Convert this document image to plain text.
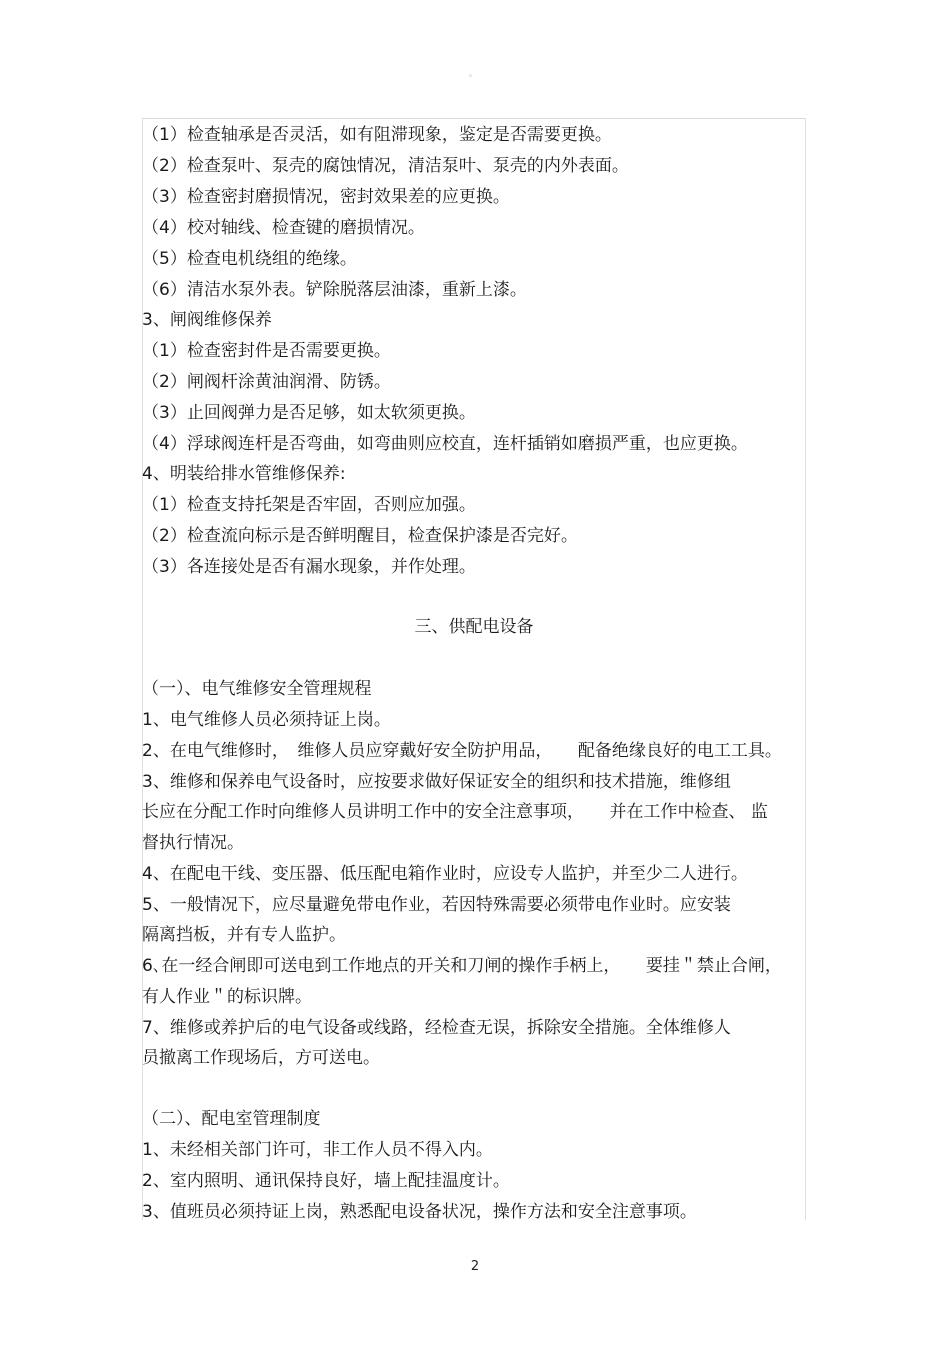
。
（1）检查轴承是否灵活，如有阻滞现象，鉴定是否需要更换。
（2）检查泵叶、泵壳的腐蚀情况，清洁泵叶、泵壳的内外表面。
（3）检查密封磨损情况，密封效果差的应更换。
（4）校对轴线、检查键的磨损情况。
（5）检查电机绕组的绝缘。
（6）清洁水泵外表。铲除脱落层油漆，重新上漆。
3、闸阀维修保养
（1）检查密封件是否需要更换。
（2）闸阀杆涂黄油润滑、防锈。
（3）止回阀弹力是否足够，如太软须更换。
（4）浮球阀连杆是否弯曲，如弯曲则应校直，连杆插销如磨损严重，也应更换。
4、明装给排水管维修保养:
（1）检查支持托架是否牢固，否则应加强。
（2）检查流向标示是否鲜明醒目，检查保护漆是否完好。
（3）各连接处是否有漏水现象，并作处理。
三、供配电设备
（一）、电气维修安全管理规程
1、电气维修人员必须持证上岗。
2、在电气维修时，　维修人员应穿戴好安全防护用品，　　配备绝缘良好的电工工具。
3、维修和保养电气设备时，应按要求做好保证安全的组织和技术措施，维修组
长应在分配工作时向维修人员讲明工作中的安全注意事项，　　并在工作中检查、 监
督执行情况。
4、在配电干线、变压器、低压配电箱作业时，应设专人监护，并至少二人进行。
5、一般情况下，应尽量避免带电作业，若因特殊需要必须带电作业时。应安装
隔离挡板，并有专人监护。
6､在一经合闸即可送电到工作地点的开关和刀闸的操作手柄上，　　要挂＂禁止合闸，
有人作业＂的标识牌。
7、维修或养护后的电气设备或线路，经检查无误，拆除安全措施。全体维修人
员撤离工作现场后，方可送电。
（二）、配电室管理制度
1、未经相关部门许可，非工作人员不得入内。
2、室内照明、通讯保持良好，墙上配挂温度计。
3、值班员必须持证上岗，熟悉配电设备状况，操作方法和安全注意事项。
2
